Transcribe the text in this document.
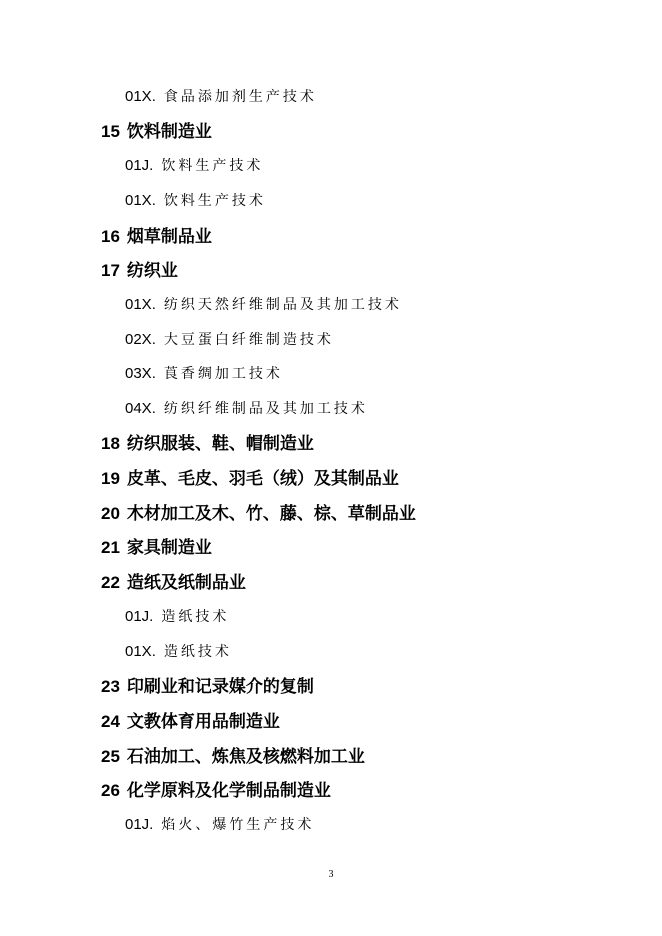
01X. 食品添加剂生产技术
15 饮料制造业
01J. 饮料生产技术
01X. 饮料生产技术
16 烟草制品业
17 纺织业
01X. 纺织天然纤维制品及其加工技术
02X. 大豆蛋白纤维制造技术
03X. 莨香绸加工技术
04X. 纺织纤维制品及其加工技术
18 纺织服装、鞋、帽制造业
19 皮革、毛皮、羽毛（绒）及其制品业
20 木材加工及木、竹、藤、棕、草制品业
21 家具制造业
22 造纸及纸制品业
01J. 造纸技术
01X. 造纸技术
23 印刷业和记录媒介的复制
24 文教体育用品制造业
25 石油加工、炼焦及核燃料加工业
26 化学原料及化学制品制造业
01J. 焰火、爆竹生产技术
3
